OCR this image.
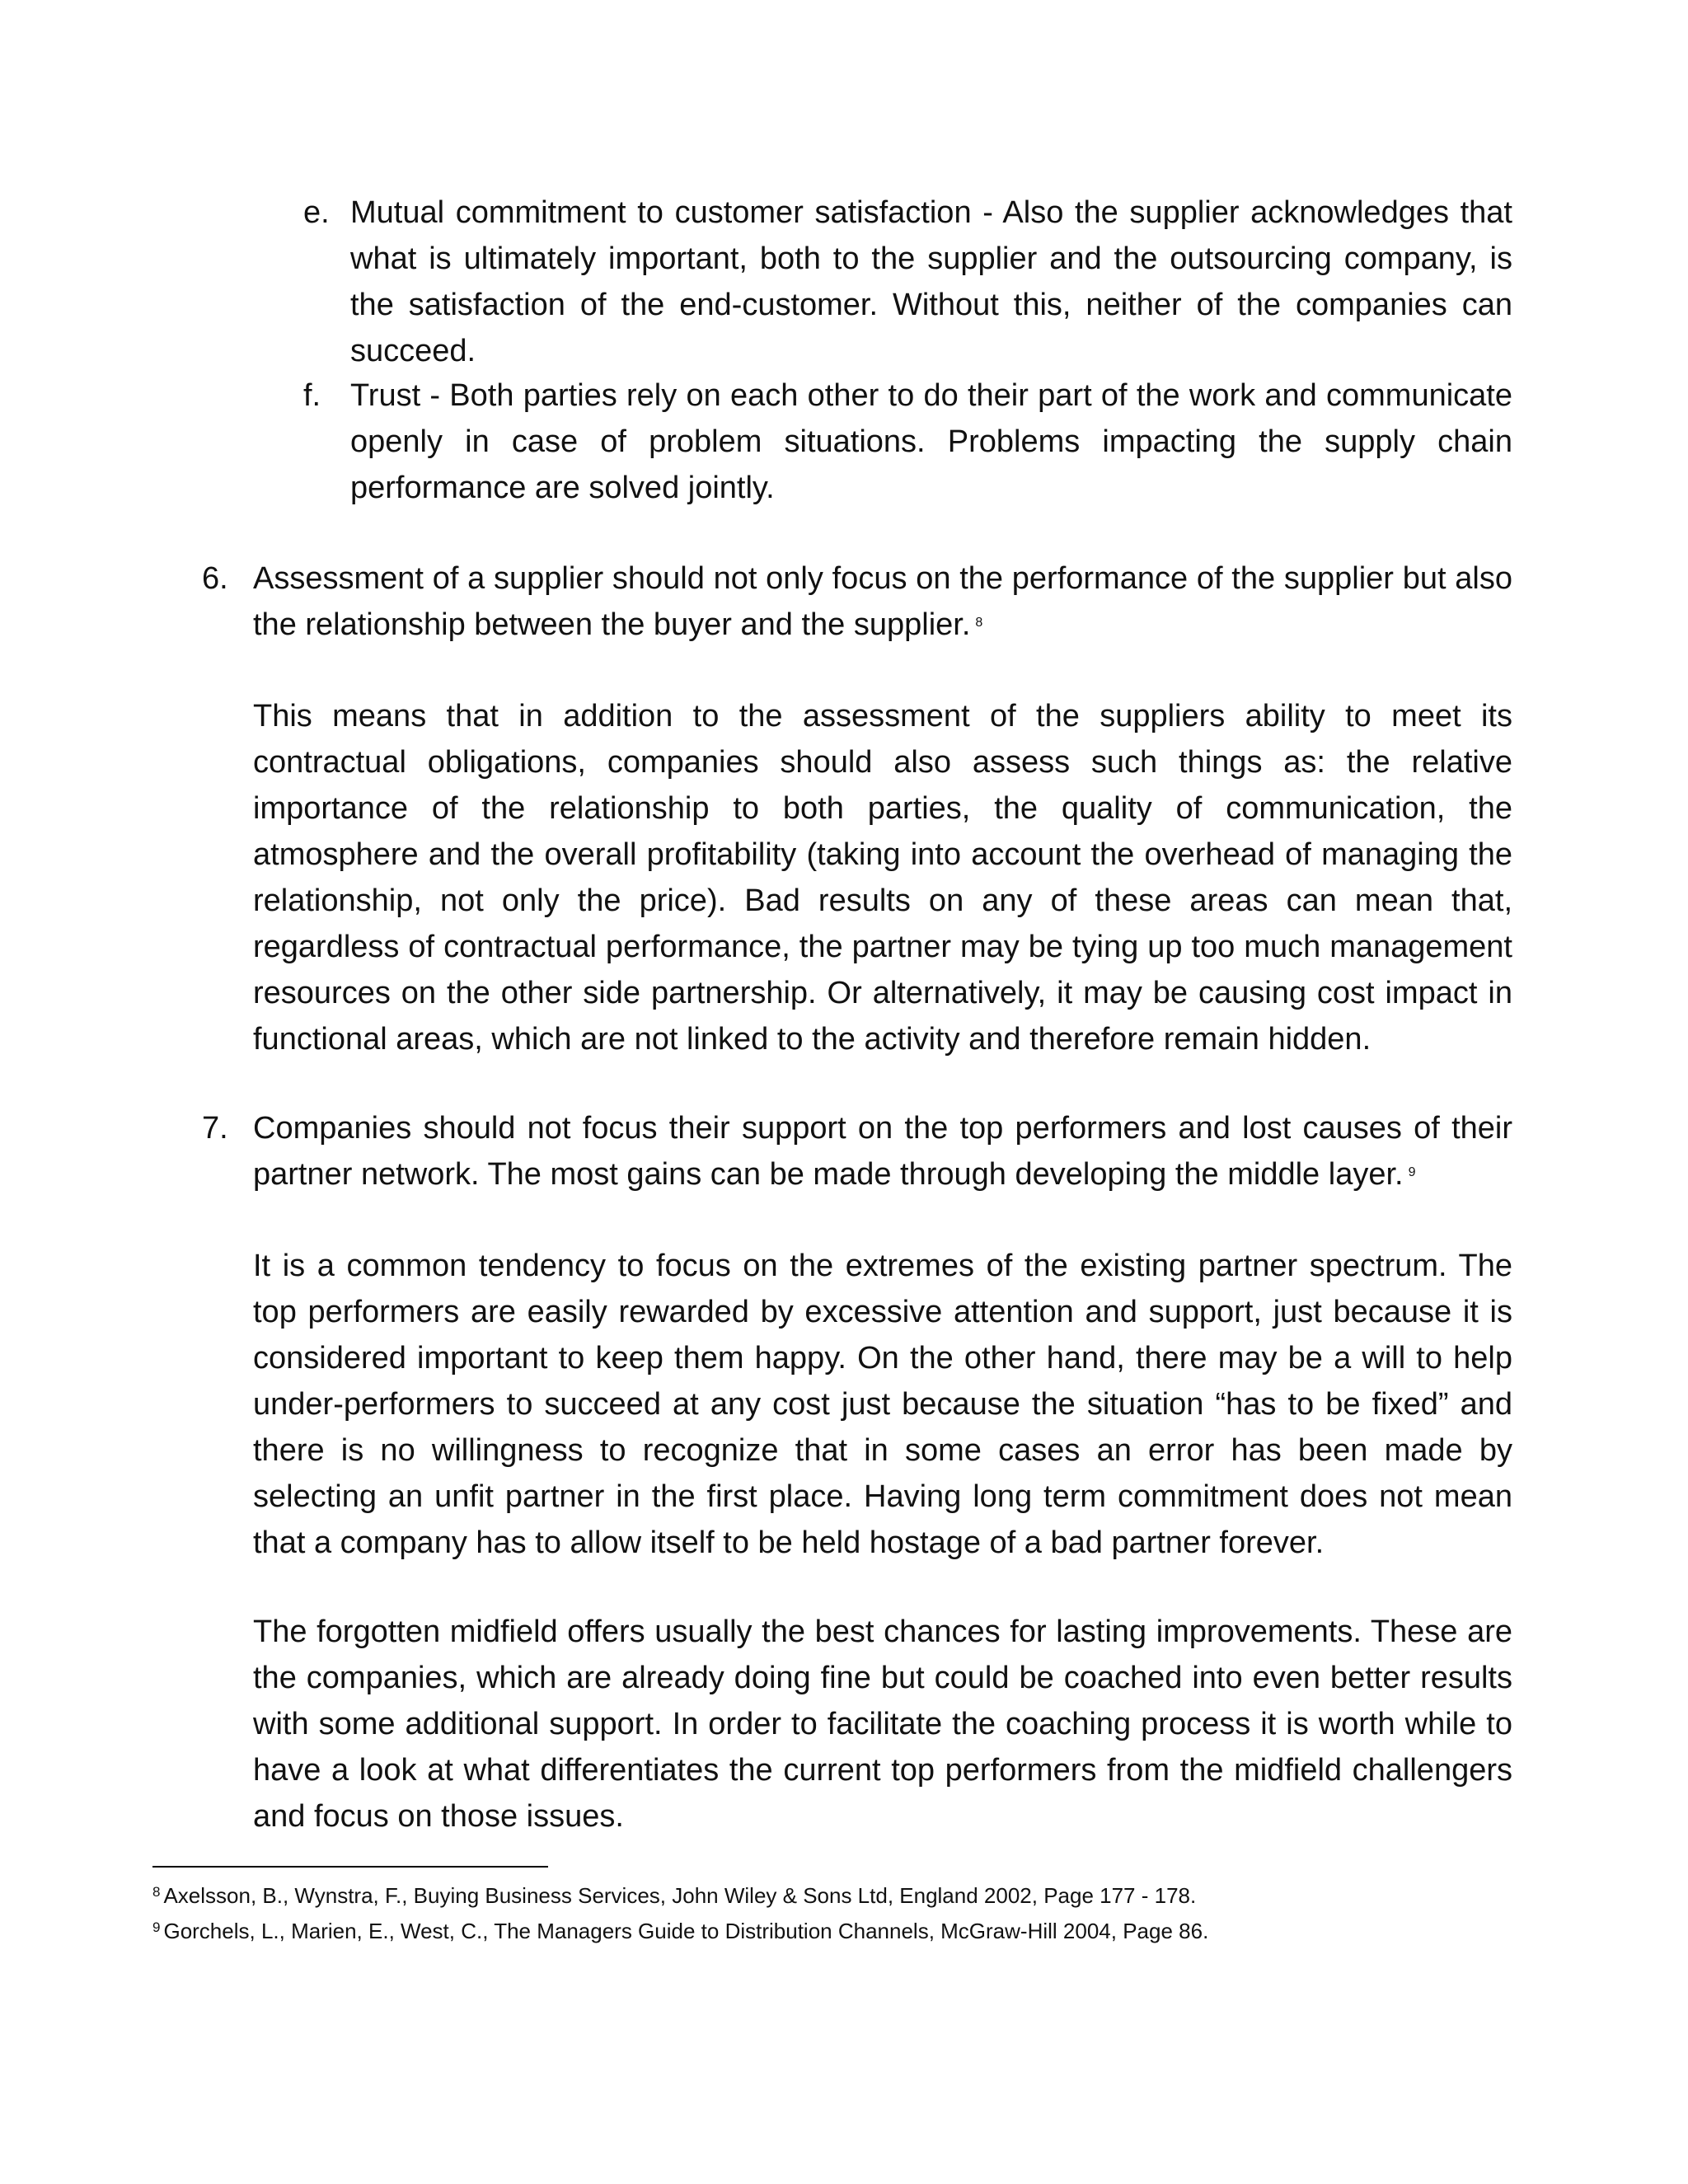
e. Mutual commitment to customer satisfaction - Also the supplier acknowledges that what is ultimately important, both to the supplier and the outsourcing company, is the satisfaction of the end-customer. Without this, neither of the companies can succeed.

f. Trust - Both parties rely on each other to do their part of the work and communicate openly in case of problem situations. Problems impacting the supply chain performance are solved jointly.

6. Assessment of a supplier should not only focus on the performance of the supplier but also the relationship between the buyer and the supplier. $^8$

This means that in addition to the assessment of the suppliers ability to meet its contractual obligations, companies should also assess such things as: the relative importance of the relationship to both parties, the quality of communication, the atmosphere and the overall profitability (taking into account the overhead of managing the relationship, not only the price). Bad results on any of these areas can mean that, regardless of contractual performance, the partner may be tying up too much management resources on the other side partnership. Or alternatively, it may be causing cost impact in functional areas, which are not linked to the activity and therefore remain hidden.

7. Companies should not focus their support on the top performers and lost causes of their partner network. The most gains can be made through developing the middle layer. $^9$

It is a common tendency to focus on the extremes of the existing partner spectrum. The top performers are easily rewarded by excessive attention and support, just because it is considered important to keep them happy. On the other hand, there may be a will to help under-performers to succeed at any cost just because the situation “has to be fixed” and there is no willingness to recognize that in some cases an error has been made by selecting an unfit partner in the first place. Having long term commitment does not mean that a company has to allow itself to be held hostage of a bad partner forever.

The forgotten midfield offers usually the best chances for lasting improvements. These are the companies, which are already doing fine but could be coached into even better results with some additional support. In order to facilitate the coaching process it is worth while to have a look at what differentiates the current top performers from the midfield challengers and focus on those issues.

$^8$ Axelsson, B., Wynstra, F., Buying Business Services, John Wiley & Sons Ltd, England 2002, Page 177 - 178.
$^9$ Gorchels, L., Marien, E., West, C., The Managers Guide to Distribution Channels, McGraw-Hill 2004, Page 86.
